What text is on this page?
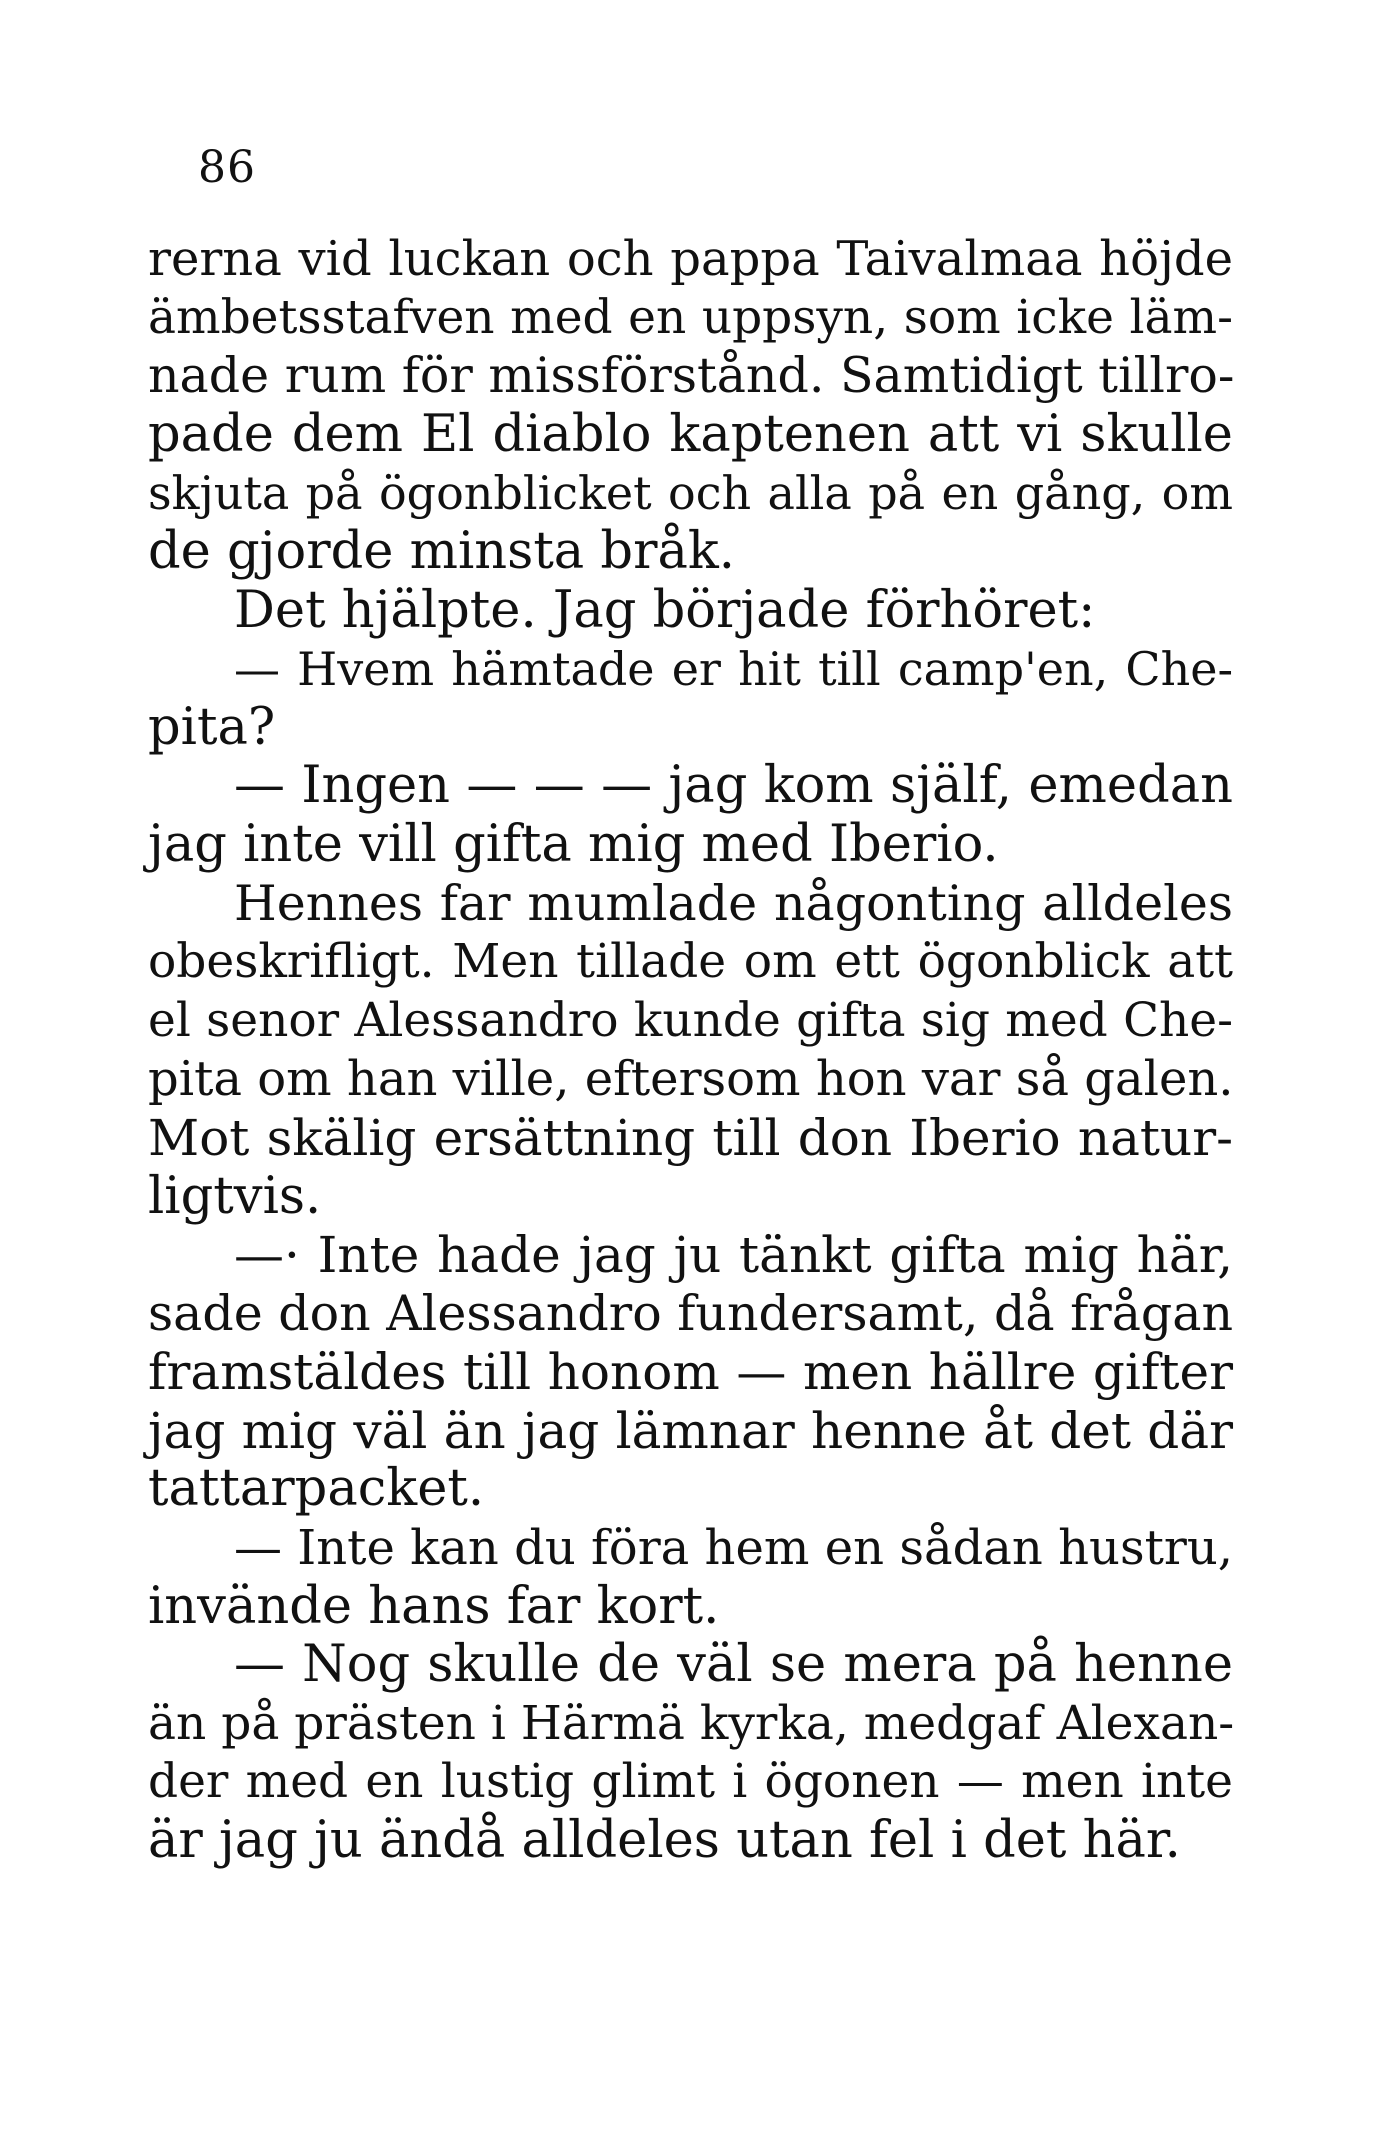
86
rerna vid luckan och pappa Taivalmaa höjde
ämbetsstafven med en uppsyn, som icke läm-
nade rum för missförstånd. Samtidigt tillro-
pade dem El diablo kaptenen att vi skulle
skjuta på ögonblicket och alla på en gång, om
de gjorde minsta bråk.
Det hjälpte. Jag började förhöret:
— Hvem hämtade er hit till camp'en, Che-
pita?
— Ingen — — — jag kom själf, emedan
jag inte vill gifta mig med Iberio.
Hennes far mumlade någonting alldeles
obeskrifligt. Men tillade om ett ögonblick att
el senor Alessandro kunde gifta sig med Che-
pita om han ville, eftersom hon var så galen.
Mot skälig ersättning till don Iberio natur-
ligtvis.
—· Inte hade jag ju tänkt gifta mig här,
sade don Alessandro fundersamt, då frågan
framstäldes till honom — men hällre gifter
jag mig väl än jag lämnar henne åt det där
tattarpacket.
— Inte kan du föra hem en sådan hustru,
invände hans far kort.
— Nog skulle de väl se mera på henne
än på prästen i Härmä kyrka, medgaf Alexan-
der med en lustig glimt i ögonen — men inte
är jag ju ändå alldeles utan fel i det här.
